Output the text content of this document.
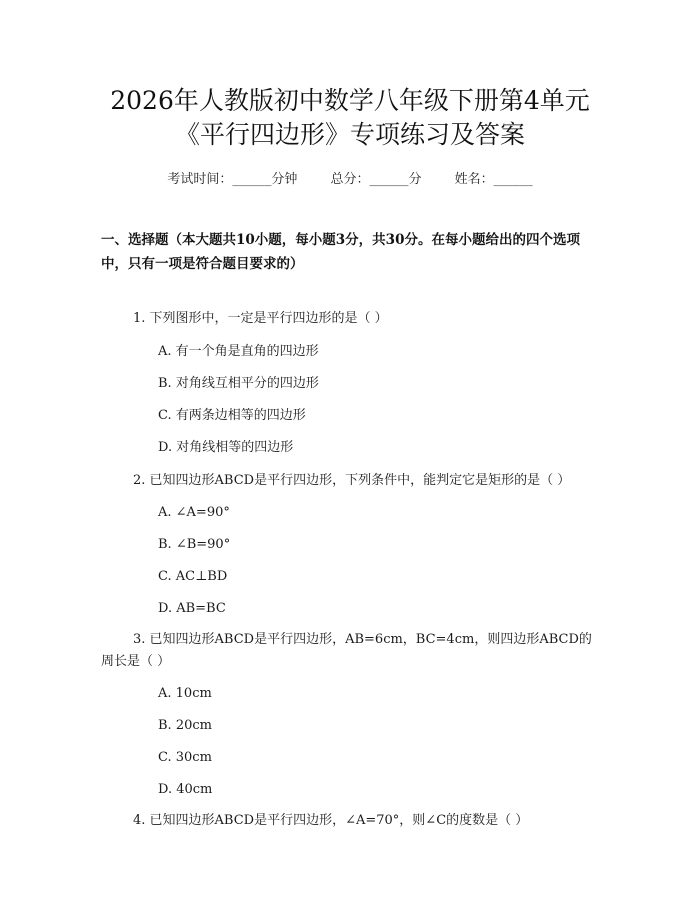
2026年人教版初中数学八年级下册第4单元
《平行四边形》专项练习及答案
考试时间：______分钟	总分：______分	姓名：______
一、选择题（本大题共10小题，每小题3分，共30分。在每小题给出的四个选项中，只有一项是符合题目要求的）
1. 下列图形中，一定是平行四边形的是（ ）
A. 有一个角是直角的四边形
B. 对角线互相平分的四边形
C. 有两条边相等的四边形
D. 对角线相等的四边形
2. 已知四边形ABCD是平行四边形，下列条件中，能判定它是矩形的是（ ）
A. ∠A=90°
B. ∠B=90°
C. AC⊥BD
D. AB=BC
3. 已知四边形ABCD是平行四边形，AB=6cm，BC=4cm，则四边形ABCD的周长是（ ）
A. 10cm
B. 20cm
C. 30cm
D. 40cm
4. 已知四边形ABCD是平行四边形，∠A=70°，则∠C的度数是（ ）
